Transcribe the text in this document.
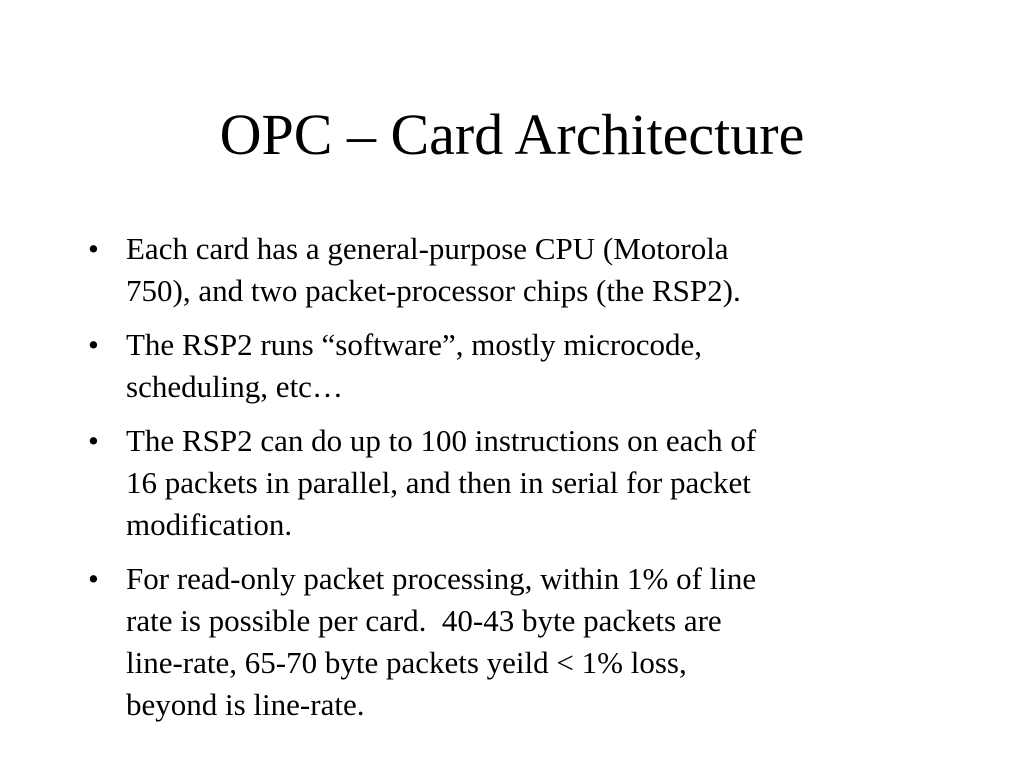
OPC – Card Architecture
• Each card has a general-purpose CPU (Motorola
750), and two packet-processor chips (the RSP2).
• The RSP2 runs “software”, mostly microcode,
scheduling, etc…
• The RSP2 can do up to 100 instructions on each of
16 packets in parallel, and then in serial for packet
modification.
• For read-only packet processing, within 1% of line
rate is possible per card.  40-43 byte packets are
line-rate, 65-70 byte packets yeild < 1% loss,
beyond is line-rate.
